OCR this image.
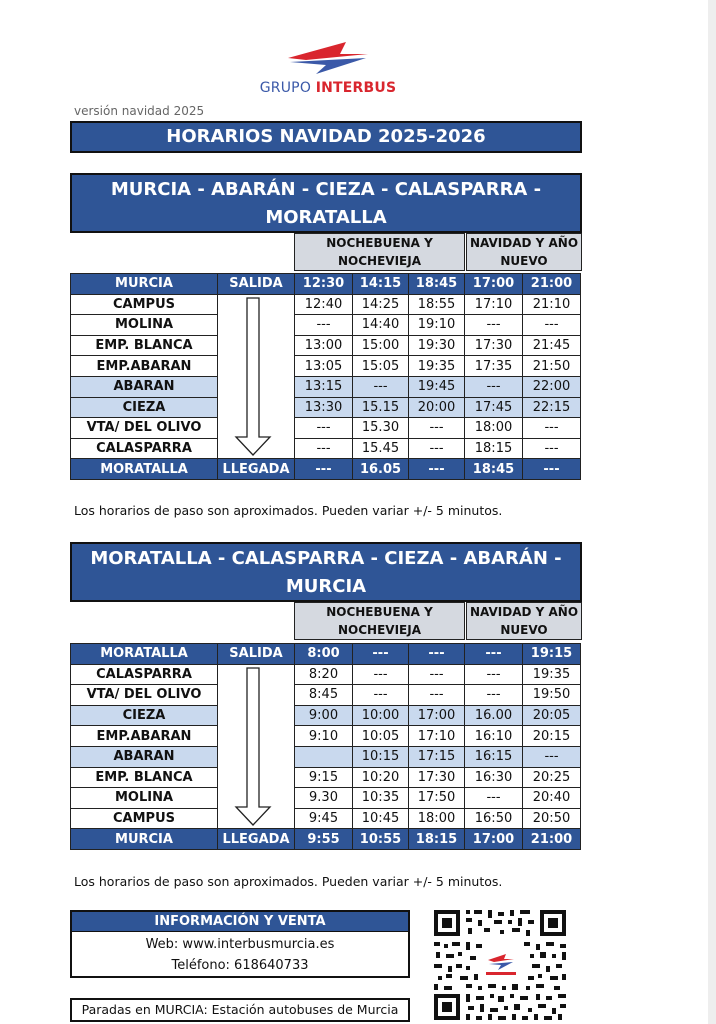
GRUPO INTERBUS
versión navidad 2025
HORARIOS NAVIDAD 2025-2026
MURCIA - ABARÁN - CIEZA - CALASPARRA -
MORATALLA
NOCHEBUENA Y
NOCHEVIEJA
NAVIDAD Y AÑO
NUEVO
MURCIA	SALIDA	12:30	14:15	18:45	17:00	21:00
CAMPUS		12:40	14:25	18:55	17:10	21:10
MOLINA		---	14:40	19:10	---	---
EMP. BLANCA		13:00	15:00	19:30	17:30	21:45
EMP.ABARAN		13:05	15:05	19:35	17:35	21:50
ABARAN		13:15	---	19:45	---	22:00
CIEZA		13:30	15.15	20:00	17:45	22:15
VTA/ DEL OLIVO		---	15.30	---	18:00	---
CALASPARRA		---	15.45	---	18:15	---
MORATALLA	LLEGADA	---	16.05	---	18:45	---
Los horarios de paso son aproximados. Pueden variar +/- 5 minutos.
MORATALLA - CALASPARRA - CIEZA - ABARÁN -
MURCIA
NOCHEBUENA Y
NOCHEVIEJA
NAVIDAD Y AÑO
NUEVO
MORATALLA	SALIDA	8:00	---	---	---	19:15
CALASPARRA		8:20	---	---	---	19:35
VTA/ DEL OLIVO		8:45	---	---	---	19:50
CIEZA		9:00	10:00	17:00	16.00	20:05
EMP.ABARAN		9:10	10:05	17:10	16:10	20:15
ABARAN			10:15	17:15	16:15	---
EMP. BLANCA		9:15	10:20	17:30	16:30	20:25
MOLINA		9.30	10:35	17:50	---	20:40
CAMPUS		9:45	10:45	18:00	16:50	20:50
MURCIA	LLEGADA	9:55	10:55	18:15	17:00	21:00
Los horarios de paso son aproximados. Pueden variar +/- 5 minutos.
INFORMACIÓN Y VENTA
Web: www.interbusmurcia.es
Teléfono: 618640733
Paradas en MURCIA: Estación autobuses de Murcia
